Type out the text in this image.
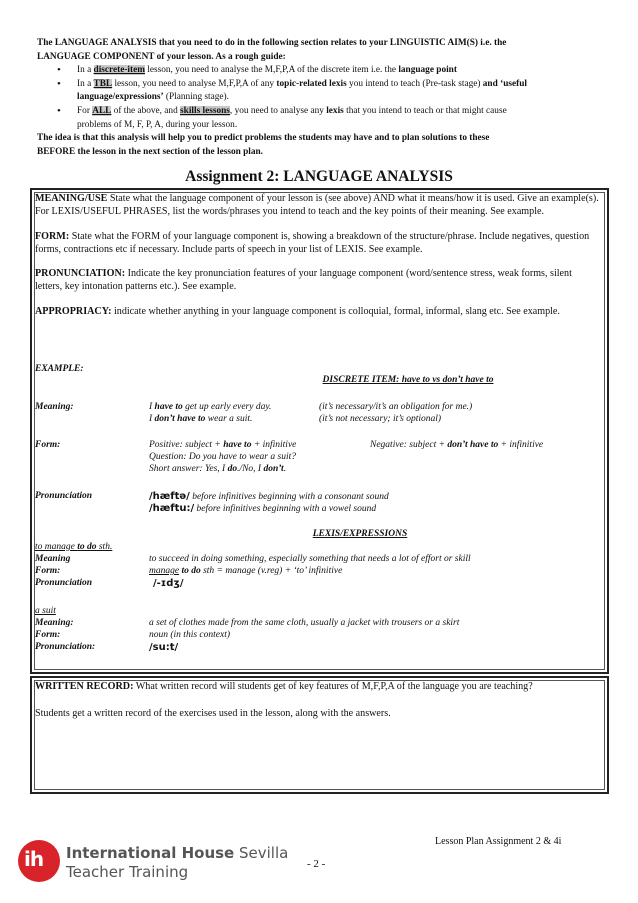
The LANGUAGE ANALYSIS that you need to do in the following section relates to your LINGUISTIC AIM(S) i.e. the
LANGUAGE COMPONENT of your lesson. As a rough guide:
• In a discrete-item lesson, you need to analyse the M,F,P,A of the discrete item i.e. the language point
• In a TBL lesson, you need to analyse M,F,P,A of any topic-related lexis you intend to teach (Pre-task stage) and ‘useful
language/expressions’ (Planning stage).
• For ALL of the above, and skills lessons, you need to analyse any lexis that you intend to teach or that might cause
problems of M, F, P, A, during your lesson.
The idea is that this analysis will help you to predict problems the students may have and to plan solutions to these
BEFORE the lesson in the next section of the lesson plan.
Assignment 2: LANGUAGE ANALYSIS

MEANING/USE State what the language component of your lesson is (see above) AND what it means/how it is used. Give an example(s). For LEXIS/USEFUL PHRASES, list the words/phrases you intend to teach and the key points of their meaning. See example.

FORM: State what the FORM of your language component is, showing a breakdown of the structure/phrase. Include negatives, question forms, contractions etc if necessary. Include parts of speech in your list of LEXIS. See example.

PRONUNCIATION: Indicate the key pronunciation features of your language component (word/sentence stress, weak forms, silent letters, key intonation patterns etc.). See example.

APPROPRIACY: indicate whether anything in your language component is colloquial, formal, informal, slang etc. See example.

EXAMPLE:
DISCRETE ITEM: have to vs don’t have to
Meaning:	I have to get up early every day.	(it’s necessary/it’s an obligation for me.)
I don’t have to wear a suit.	(it’s not necessary; it’s optional)
Form:	Positive: subject + have to + infinitive	Negative: subject + don’t have to + infinitive
Question: Do you have to wear a suit?
Short answer: Yes, I do./No, I don’t.
Pronunciation	/hæftə/ before infinitives beginning with a consonant sound
/hæftu:/ before infinitives beginning with a vowel sound
LEXIS/EXPRESSIONS
to manage to do sth.
Meaning	to succeed in doing something, especially something that needs a lot of effort or skill
Form:	manage to do sth = manage (v.reg) + ‘to’ infinitive
Pronunciation	/-ɪdʒ/
a suit
Meaning:	a set of clothes made from the same cloth, usually a jacket with trousers or a skirt
Form:	noun (in this context)
Pronunciation:	/su:t/

WRITTEN RECORD: What written record will students get of key features of M,F,P,A of the language you are teaching?

Students get a written record of the exercises used in the lesson, along with the answers.

Lesson Plan Assignment 2 & 4i
- 2 -
ih International House Sevilla
Teacher Training
